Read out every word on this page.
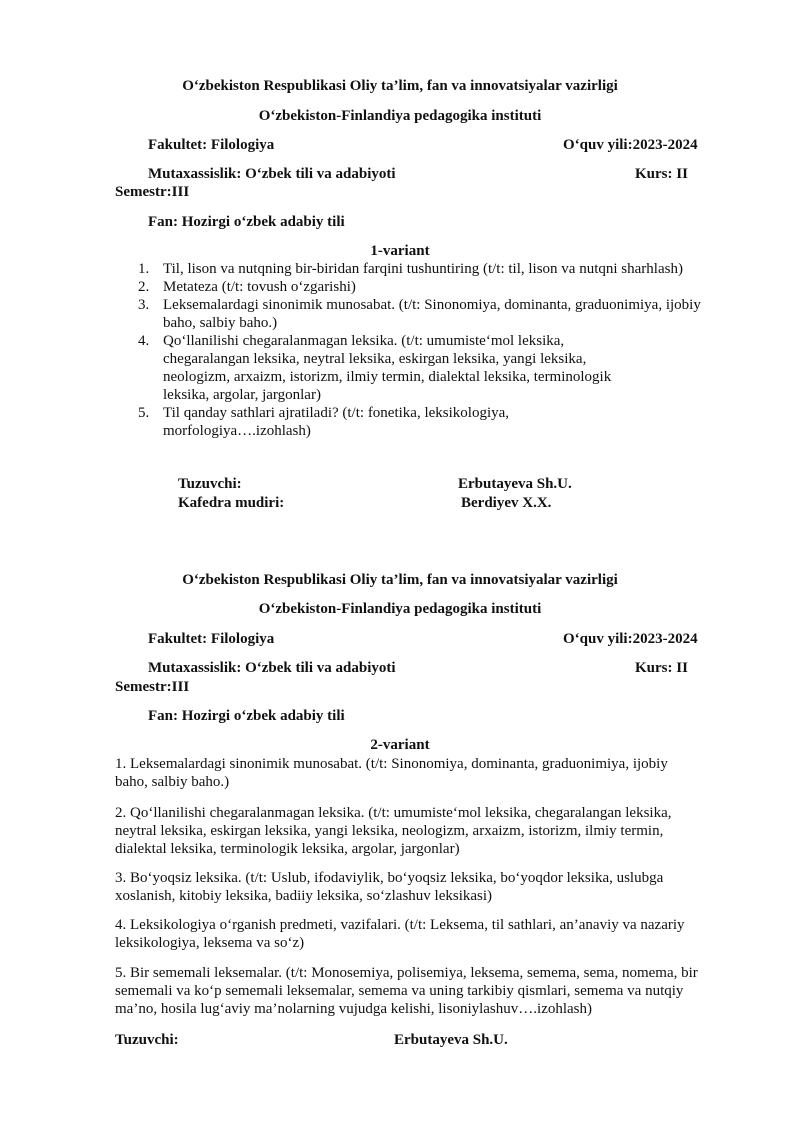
O‘zbekiston Respublikasi Oliy ta’lim, fan va innovatsiyalar vazirligi
O‘zbekiston-Finlandiya pedagogika instituti
Fakultet: Filologiya	O‘quv yili:2023-2024
Mutaxassislik: O‘zbek tili va adabiyoti	Kurs: II
Semestr:III
Fan: Hozirgi o‘zbek adabiy tili
1-variant
1. Til, lison va nutqning bir-biridan farqini tushuntiring (t/t: til, lison va nutqni sharhlash)
2. Metateza (t/t: tovush o‘zgarishi)
3. Leksemalardagi sinonimik munosabat. (t/t: Sinonomiya, dominanta, graduonimiya, ijobiy
baho, salbiy baho.)
4. Qo‘llanilishi chegaralanmagan leksika. (t/t: umumiste‘mol leksika,
chegaralangan leksika, neytral leksika, eskirgan leksika, yangi leksika,
neologizm, arxaizm, istorizm, ilmiy termin, dialektal leksika, terminologik
leksika, argolar, jargonlar)
5. Til qanday sathlari ajratiladi? (t/t: fonetika, leksikologiya,
morfologiya….izohlash)
Tuzuvchi:	Erbutayeva Sh.U.
Kafedra mudiri:	Berdiyev X.X.
O‘zbekiston Respublikasi Oliy ta’lim, fan va innovatsiyalar vazirligi
O‘zbekiston-Finlandiya pedagogika instituti
Fakultet: Filologiya	O‘quv yili:2023-2024
Mutaxassislik: O‘zbek tili va adabiyoti	Kurs: II
Semestr:III
Fan: Hozirgi o‘zbek adabiy tili
2-variant
1. Leksemalardagi sinonimik munosabat. (t/t: Sinonomiya, dominanta, graduonimiya, ijobiy
baho, salbiy baho.)
2. Qo‘llanilishi chegaralanmagan leksika. (t/t: umumiste‘mol leksika, chegaralangan leksika,
neytral leksika, eskirgan leksika, yangi leksika, neologizm, arxaizm, istorizm, ilmiy termin,
dialektal leksika, terminologik leksika, argolar, jargonlar)
3. Bo‘yoqsiz leksika. (t/t: Uslub, ifodaviylik, bo‘yoqsiz leksika, bo‘yoqdor leksika, uslubga
xoslanish, kitobiy leksika, badiiy leksika, so‘zlashuv leksikasi)
4. Leksikologiya o‘rganish predmeti, vazifalari. (t/t: Leksema, til sathlari, an’anaviy va nazariy
leksikologiya, leksema va so‘z)
5. Bir sememali leksemalar. (t/t: Monosemiya, polisemiya, leksema, semema, sema, nomema, bir
sememali va ko‘p sememali leksemalar, semema va uning tarkibiy qismlari, semema va nutqiy
ma’no, hosila lug‘aviy ma’nolarning vujudga kelishi, lisoniylashuv….izohlash)
Tuzuvchi:	Erbutayeva Sh.U.
